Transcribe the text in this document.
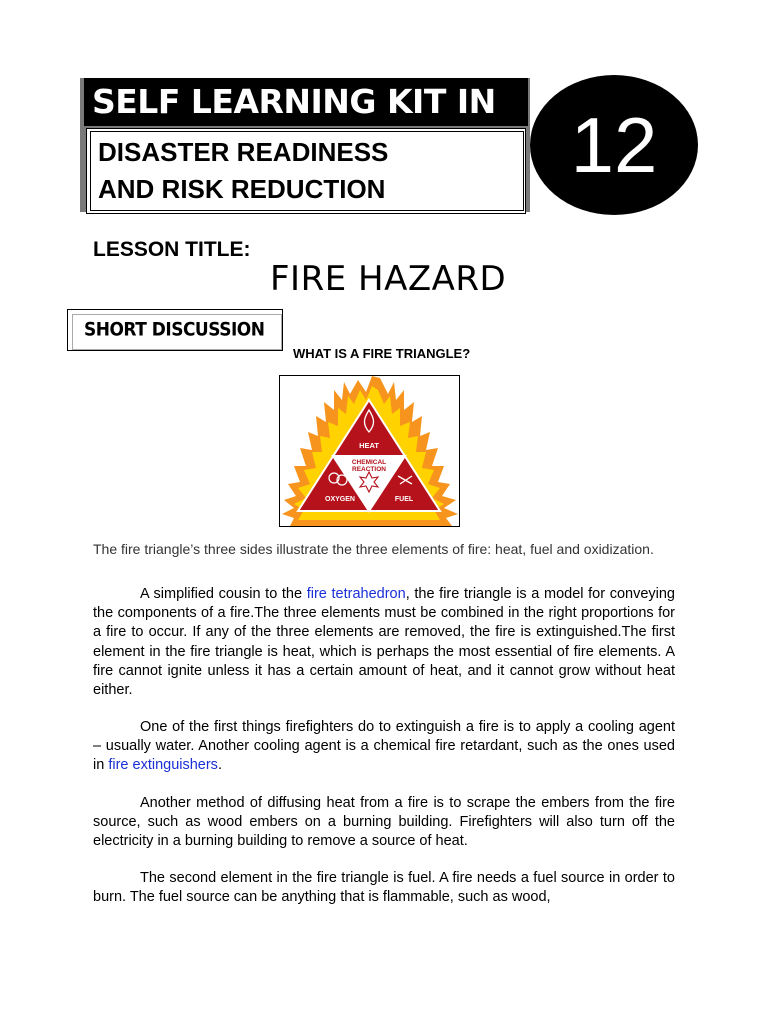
SELF LEARNING KIT IN
DISASTER READINESS
AND RISK REDUCTION
12
LESSON TITLE:
FIRE HAZARD
SHORT DISCUSSION
WHAT IS A FIRE TRIANGLE?
HEAT
CHEMICAL
REACTION
OXYGEN	FUEL
The fire triangle’s three sides illustrate the three elements of fire: heat, fuel and oxidization.
A simplified cousin to the fire tetrahedron, the fire triangle is a model for conveying the components of a fire.The three elements must be combined in the right proportions for a fire to occur. If any of the three elements are removed, the fire is extinguished.The first element in the fire triangle is heat, which is perhaps the most essential of fire elements. A fire cannot ignite unless it has a certain amount of heat, and it cannot grow without heat either.
One of the first things firefighters do to extinguish a fire is to apply a cooling agent – usually water. Another cooling agent is a chemical fire retardant, such as the ones used in fire extinguishers.
Another method of diffusing heat from a fire is to scrape the embers from the fire source, such as wood embers on a burning building. Firefighters will also turn off the electricity in a burning building to remove a source of heat.
The second element in the fire triangle is fuel. A fire needs a fuel source in order to burn. The fuel source can be anything that is flammable, such as wood,
